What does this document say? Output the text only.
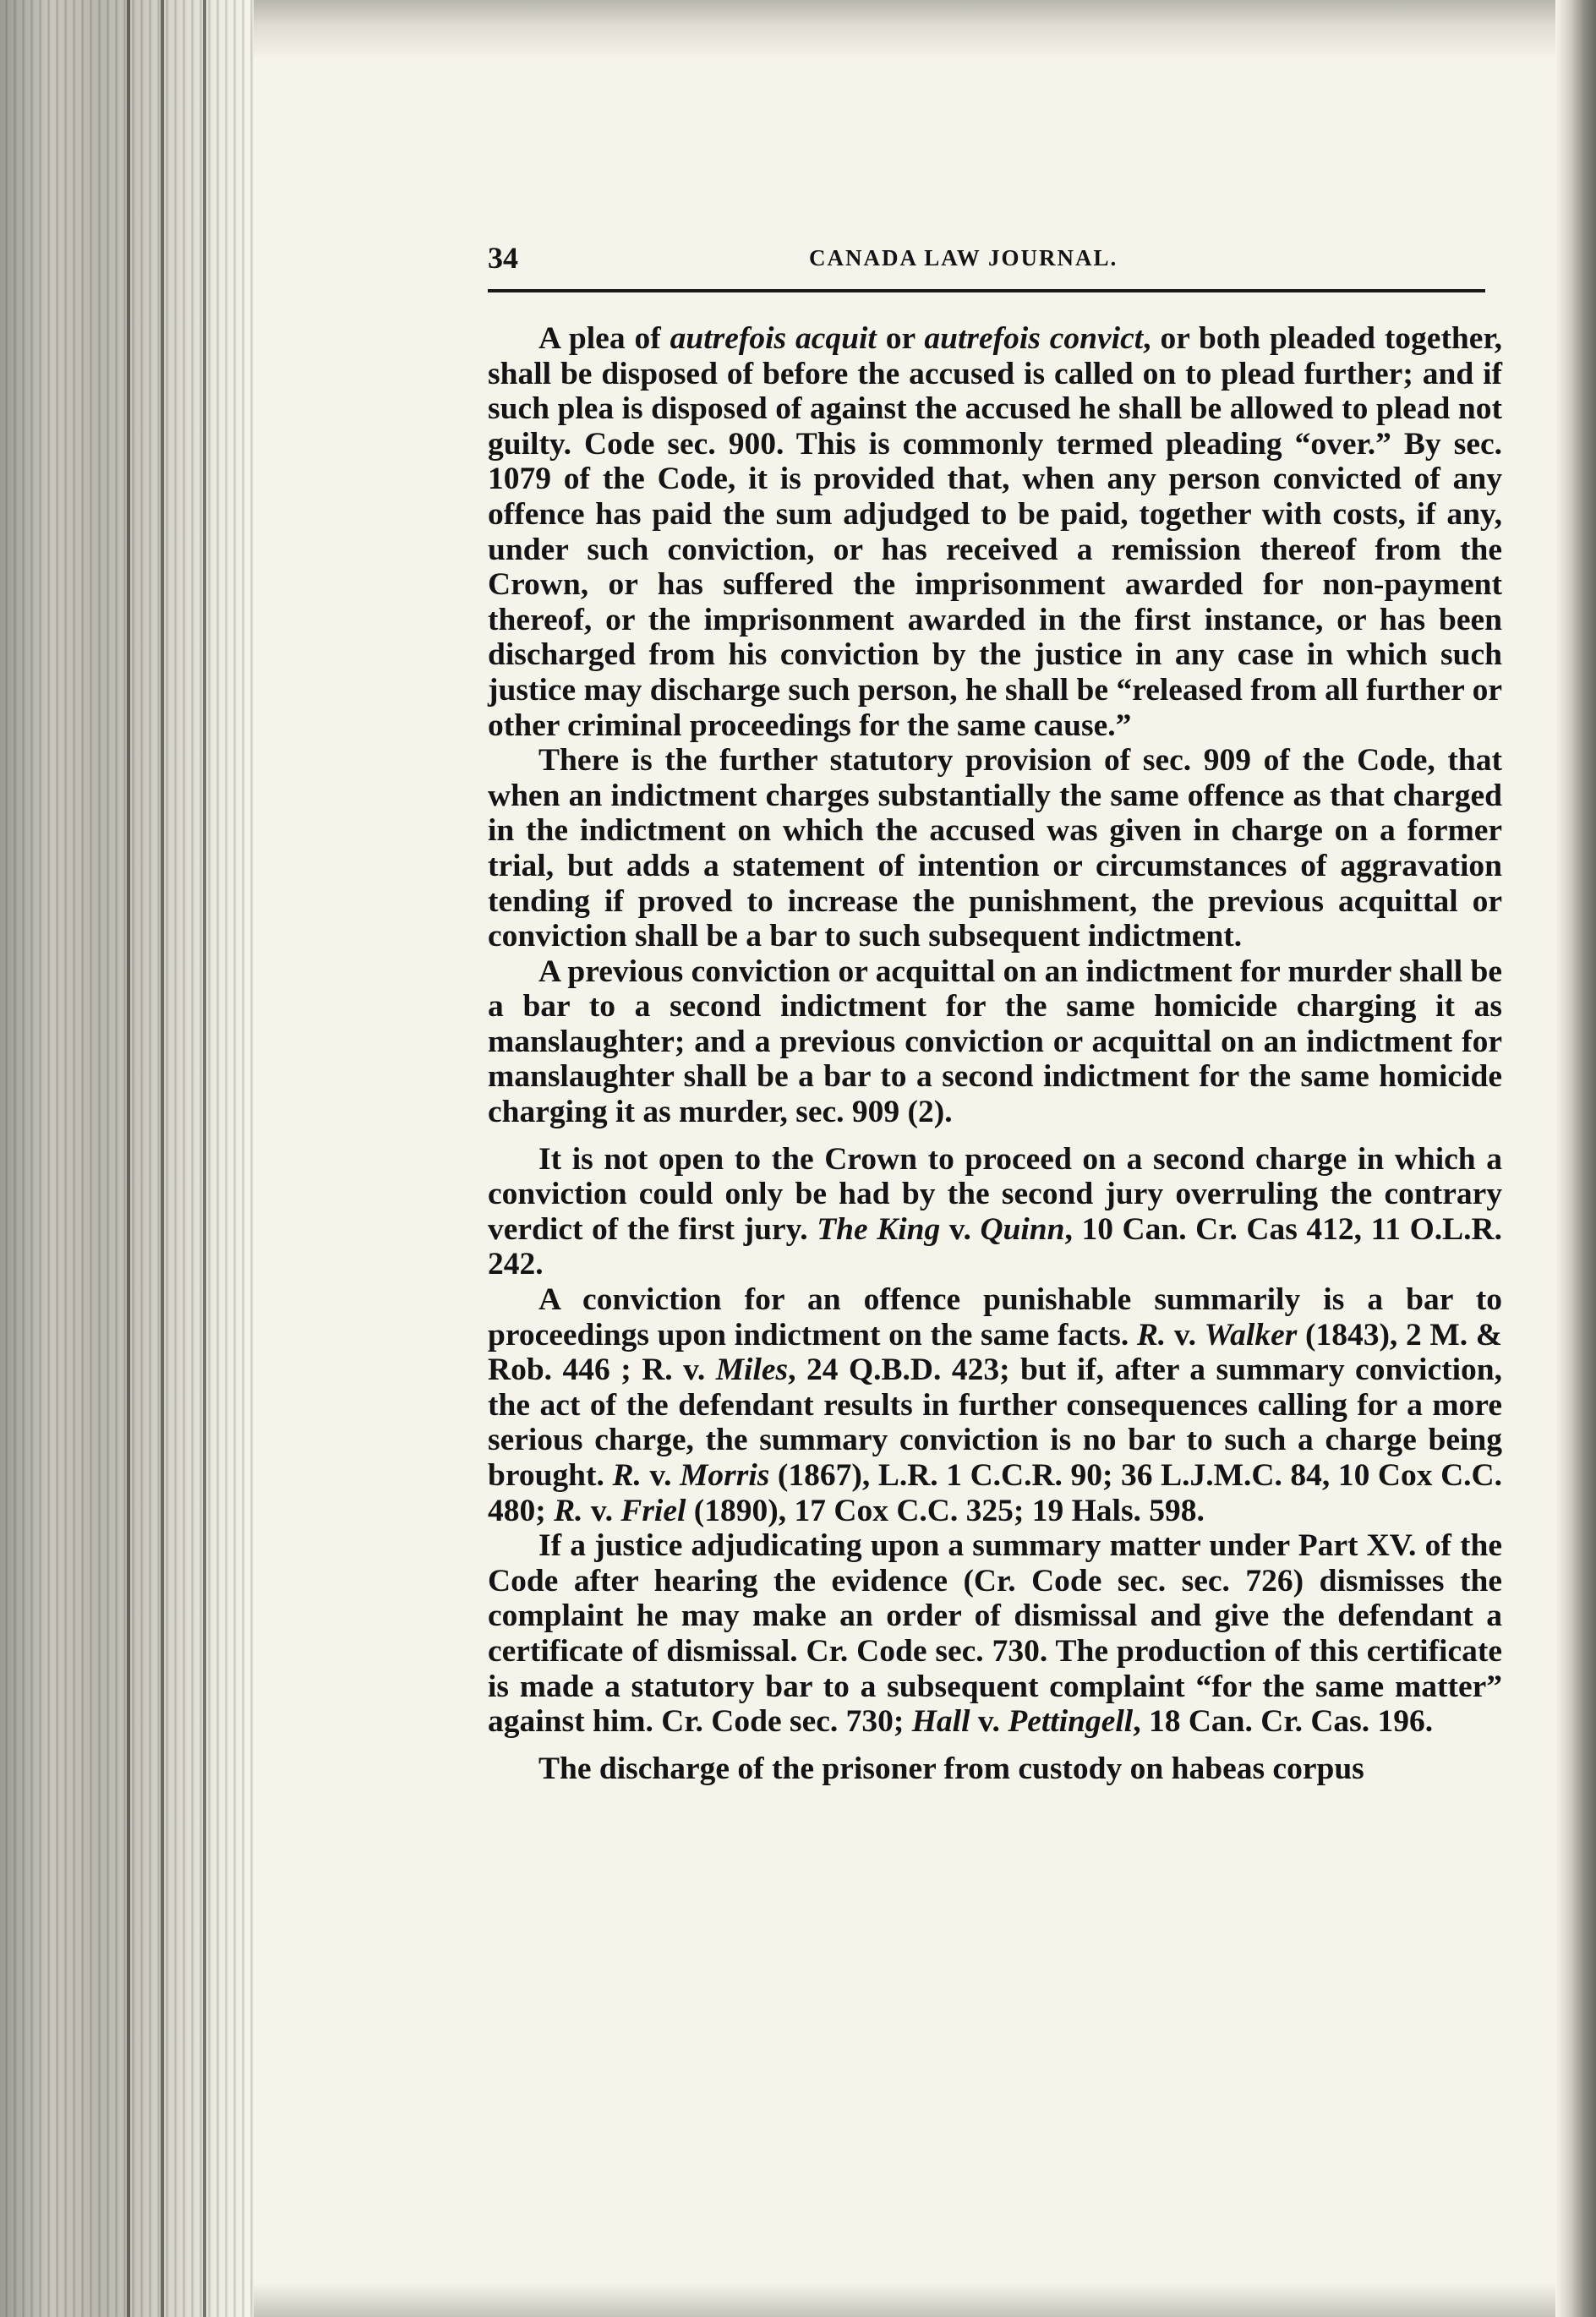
34	CANADA LAW JOURNAL.

A plea of autrefois acquit or autrefois convict, or both pleaded together, shall be disposed of before the accused is called on to plead further; and if such plea is disposed of against the accused he shall be allowed to plead not guilty. Code sec. 900. This is commonly termed pleading “over.” By sec. 1079 of the Code, it is provided that, when any person convicted of any offence has paid the sum adjudged to be paid, together with costs, if any, under such conviction, or has received a remission thereof from the Crown, or has suffered the imprisonment awarded for non-payment thereof, or the imprisonment awarded in the first instance, or has been discharged from his conviction by the justice in any case in which such justice may discharge such person, he shall be “released from all further or other criminal proceedings for the same cause.”

There is the further statutory provision of sec. 909 of the Code, that when an indictment charges substantially the same offence as that charged in the indictment on which the accused was given in charge on a former trial, but adds a statement of intention or circumstances of aggravation tending if proved to increase the punishment, the previous acquittal or conviction shall be a bar to such subsequent indictment.

A previous conviction or acquittal on an indictment for murder shall be a bar to a second indictment for the same homicide charging it as manslaughter; and a previous conviction or acquittal on an indictment for manslaughter shall be a bar to a second indictment for the same homicide charging it as murder, sec. 909 (2).

It is not open to the Crown to proceed on a second charge in which a conviction could only be had by the second jury overruling the contrary verdict of the first jury. The King v. Quinn, 10 Can. Cr. Cas 412, 11 O.L.R. 242.

A conviction for an offence punishable summarily is a bar to proceedings upon indictment on the same facts. R. v. Walker (1843), 2 M. & Rob. 446 ; R. v. Miles, 24 Q.B.D. 423; but if, after a summary conviction, the act of the defendant results in further consequences calling for a more serious charge, the summary conviction is no bar to such a charge being brought. R. v. Morris (1867), L.R. 1 C.C.R. 90; 36 L.J.M.C. 84, 10 Cox C.C. 480; R. v. Friel (1890), 17 Cox C.C. 325; 19 Hals. 598.

If a justice adjudicating upon a summary matter under Part XV. of the Code after hearing the evidence (Cr. Code sec. sec. 726) dismisses the complaint he may make an order of dismissal and give the defendant a certificate of dismissal. Cr. Code sec. 730. The production of this certificate is made a statutory bar to a subsequent complaint “for the same matter” against him. Cr. Code sec. 730; Hall v. Pettingell, 18 Can. Cr. Cas. 196.

The discharge of the prisoner from custody on habeas corpus
